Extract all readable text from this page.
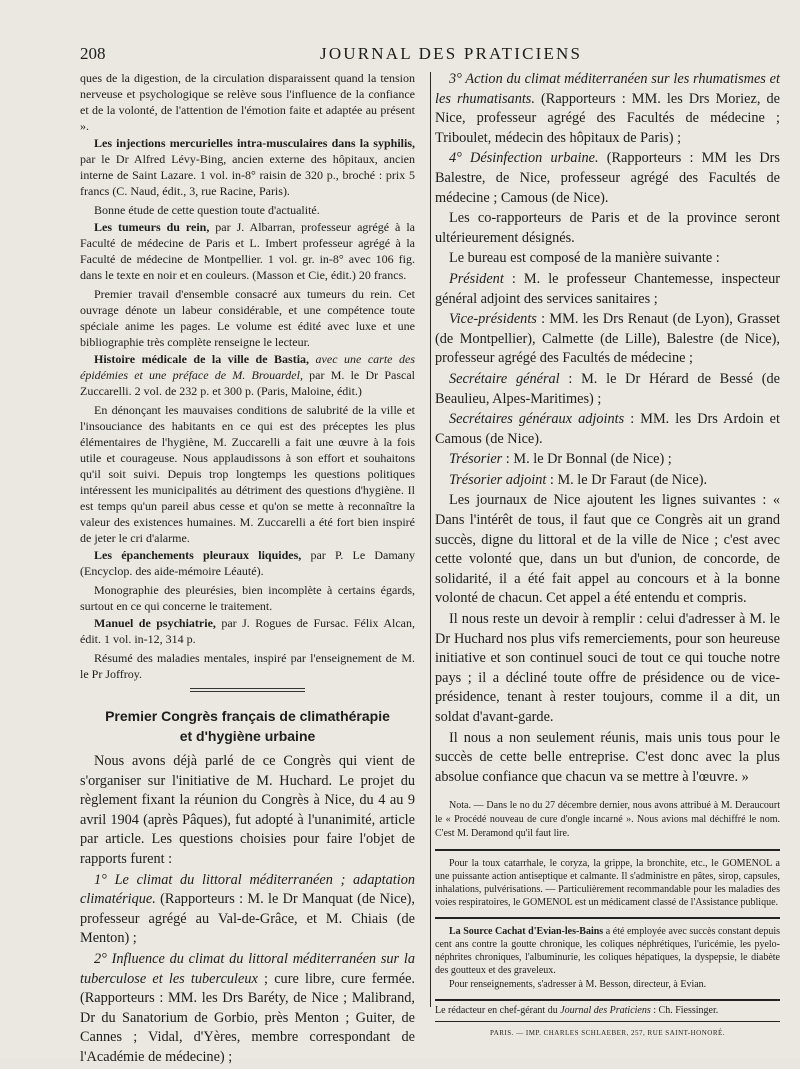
208	JOURNAL DES PRATICIENS

ques de la digestion, de la circulation disparaissent quand la tension nerveuse et psychologique se relève sous l'influence de la confiance et de la volonté, de l'attention de l'émotion faite et adaptée au présent ».

Les injections mercurielles intra-musculaires dans la syphilis, par le Dr Alfred Lévy-Bing, ancien externe des hôpitaux, ancien interne de Saint Lazare. 1 vol. in-8° raisin de 320 p., broché : prix 5 francs (C. Naud, édit., 3, rue Racine, Paris).

Bonne étude de cette question toute d'actualité.

Les tumeurs du rein, par J. Albarran, professeur agrégé à la Faculté de médecine de Paris et L. Imbert professeur agrégé à la Faculté de médecine de Montpellier. 1 vol. gr. in-8° avec 106 fig. dans le texte en noir et en couleurs. (Masson et Cie, édit.) 20 francs.

Premier travail d'ensemble consacré aux tumeurs du rein. Cet ouvrage dénote un labeur considérable, et une compétence toute spéciale anime les pages. Le volume est édité avec luxe et une bibliographie très complète renseigne le lecteur.

Histoire médicale de la ville de Bastia, avec une carte des épidémies et une préface de M. Brouardel, par M. le Dr Pascal Zuccarelli. 2 vol. de 232 p. et 300 p. (Paris, Maloine, édit.)

En dénonçant les mauvaises conditions de salubrité de la ville et l'insouciance des habitants en ce qui est des préceptes les plus élémentaires de l'hygiène, M. Zuccarelli a fait une œuvre à la fois utile et courageuse. Nous applaudissons à son effort et souhaitons qu'il soit suivi. Depuis trop longtemps les questions politiques intéressent les municipalités au détriment des questions d'hygiène. Il est temps qu'un pareil abus cesse et qu'on se mette à reconnaître la valeur des existences humaines. M. Zuccarelli a été fort bien inspiré de jeter le cri d'alarme.

Les épanchements pleuraux liquides, par P. Le Damany (Encyclop. des aide-mémoire Léauté).

Monographie des pleurésies, bien incomplète à certains égards, surtout en ce qui concerne le traitement.

Manuel de psychiatrie, par J. Rogues de Fursac. Félix Alcan, édit. 1 vol. in-12, 314 p.

Résumé des maladies mentales, inspiré par l'enseignement de M. le Pr Joffroy.

Premier Congrès français de climathérapie
et d'hygiène urbaine

Nous avons déjà parlé de ce Congrès qui vient de s'organiser sur l'initiative de M. Huchard. Le projet du règlement fixant la réunion du Congrès à Nice, du 4 au 9 avril 1904 (après Pâques), fut adopté à l'unanimité, article par article. Les questions choisies pour faire l'objet de rapports furent :

1° Le climat du littoral méditerranéen ; adaptation climatérique. (Rapporteurs : M. le Dr Manquat (de Nice), professeur agrégé au Val-de-Grâce, et M. Chiais (de Menton) ;

2° Influence du climat du littoral méditerranéen sur la tuberculose et les tuberculeux ; cure libre, cure fermée. (Rapporteurs : MM. les Drs Baréty, de Nice ; Malibrand, Dr du Sanatorium de Gorbio, près Menton ; Guiter, de Cannes ; Vidal, d'Yères, membre correspondant de l'Académie de médecine) ;

3° Action du climat méditerranéen sur les rhumatismes et les rhumatisants. (Rapporteurs : MM. les Drs Moriez, de Nice, professeur agrégé des Facultés de médecine ; Triboulet, médecin des hôpitaux de Paris) ;

4° Désinfection urbaine. (Rapporteurs : MM les Drs Balestre, de Nice, professeur agrégé des Facultés de médecine ; Camous (de Nice).

Les co-rapporteurs de Paris et de la province seront ultérieurement désignés.

Le bureau est composé de la manière suivante :

Président : M. le professeur Chantemesse, inspecteur général adjoint des services sanitaires ;

Vice-présidents : MM. les Drs Renaut (de Lyon), Grasset (de Montpellier), Calmette (de Lille), Balestre (de Nice), professeur agrégé des Facultés de médecine ;

Secrétaire général : M. le Dr Hérard de Bessé (de Beaulieu, Alpes-Maritimes) ;

Secrétaires généraux adjoints : MM. les Drs Ardoin et Camous (de Nice).

Trésorier : M. le Dr Bonnal (de Nice) ;

Trésorier adjoint : M. le Dr Faraut (de Nice).

Les journaux de Nice ajoutent les lignes suivantes : « Dans l'intérêt de tous, il faut que ce Congrès ait un grand succès, digne du littoral et de la ville de Nice ; c'est avec cette volonté que, dans un but d'union, de concorde, de solidarité, il a été fait appel au concours et à la bonne volonté de chacun. Cet appel a été entendu et compris.

Il nous reste un devoir à remplir : celui d'adresser à M. le Dr Huchard nos plus vifs remerciements, pour son heureuse initiative et son continuel souci de tout ce qui touche notre pays ; il a décliné toute offre de présidence ou de vice-présidence, tenant à rester toujours, comme il a dit, un soldat d'avant-garde.

Il nous a non seulement réunis, mais unis tous pour le succès de cette belle entreprise. C'est donc avec la plus absolue confiance que chacun va se mettre à l'œuvre. »

Nota. — Dans le no du 27 décembre dernier, nous avons attribué à M. Deraucourt le « Procédé nouveau de cure d'ongle incarné ». Nous avions mal déchiffré le nom. C'est M. Deramond qu'il faut lire.

Pour la toux catarrhale, le coryza, la grippe, la bronchite, etc., le GOMENOL a une puissante action antiseptique et calmante. Il s'administre en pâtes, sirop, capsules, inhalations, pulvérisations. — Particulièrement recommandable pour les maladies des voies respiratoires, le GOMENOL est un médicament classé de l'Assistance publique.

La Source Cachat d'Evian-les-Bains a été employée avec succès constant depuis cent ans contre la goutte chronique, les coliques néphrétiques, l'uricémie, les pyelo-néphrites chroniques, l'albuminurie, les coliques hépatiques, la dyspepsie, le diabète des goutteux et des graveleux.

Pour renseignements, s'adresser à M. Besson, directeur, à Evian.

Le rédacteur en chef-gérant du Journal des Praticiens : Ch. Fiessinger.
PARIS. — IMP. CHARLES SCHLAEBER, 257, RUE SAINT-HONORÉ.
